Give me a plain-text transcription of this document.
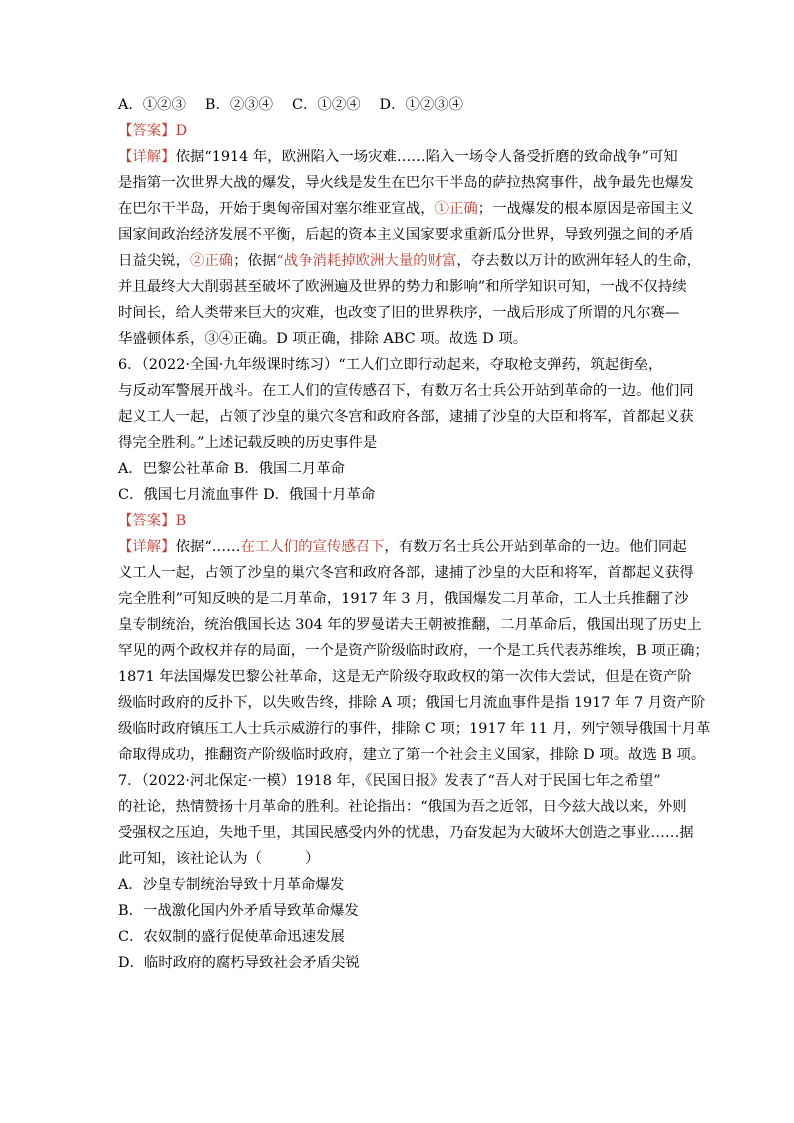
A．①②③　 B．②③④　 C．①②④　 D．①②③④
【答案】D
【详解】依据“1914 年，欧洲陷入一场灾难……陷入一场令人备受折磨的致命战争”可知
是指第一次世界大战的爆发，导火线是发生在巴尔干半岛的萨拉热窝事件，战争最先也爆发
在巴尔干半岛，开始于奥匈帝国对塞尔维亚宣战，①正确；一战爆发的根本原因是帝国主义
国家间政治经济发展不平衡，后起的资本主义国家要求重新瓜分世界，导致列强之间的矛盾
日益尖锐，②正确；依据“战争消耗掉欧洲大量的财富，夺去数以万计的欧洲年轻人的生命，
并且最终大大削弱甚至破坏了欧洲遍及世界的势力和影响”和所学知识可知，一战不仅持续
时间长，给人类带来巨大的灾难，也改变了旧的世界秩序，一战后形成了所谓的凡尔赛—
华盛顿体系，③④正确。D 项正确，排除 ABC 项。故选 D 项。
6．（2022·全国·九年级课时练习）“工人们立即行动起来，夺取枪支弹药，筑起街垒，
与反动军警展开战斗。在工人们的宣传感召下，有数万名士兵公开站到革命的一边。他们同
起义工人一起，占领了沙皇的巢穴冬宫和政府各部，逮捕了沙皇的大臣和将军，首都起义获
得完全胜利。”上述记载反映的历史事件是
A．巴黎公社革命 B．俄国二月革命
C．俄国七月流血事件 D．俄国十月革命
【答案】B
【详解】依据“……在工人们的宣传感召下，有数万名士兵公开站到革命的一边。他们同起
义工人一起，占领了沙皇的巢穴冬宫和政府各部，逮捕了沙皇的大臣和将军，首都起义获得
完全胜利”可知反映的是二月革命，1917 年 3 月，俄国爆发二月革命，工人士兵推翻了沙
皇专制统治，统治俄国长达 304 年的罗曼诺夫王朝被推翻，二月革命后，俄国出现了历史上
罕见的两个政权并存的局面，一个是资产阶级临时政府，一个是工兵代表苏维埃，B 项正确；
1871 年法国爆发巴黎公社革命，这是无产阶级夺取政权的第一次伟大尝试，但是在资产阶
级临时政府的反扑下，以失败告终，排除 A 项；俄国七月流血事件是指 1917 年 7 月资产阶
级临时政府镇压工人士兵示威游行的事件，排除 C 项；1917 年 11 月，列宁领导俄国十月革
命取得成功，推翻资产阶级临时政府，建立了第一个社会主义国家，排除 D 项。故选 B 项。
7．（2022·河北保定·一模）1918 年，《民国日报》发表了“吾人对于民国七年之希望”
的社论，热情赞扬十月革命的胜利。社论指出：“俄国为吾之近邻，日今兹大战以来，外则
受强权之压迫，失地千里，其国民感受内外的忧患，乃奋发起为大破坏大创造之事业……据
此可知，该社论认为（　　　）
A．沙皇专制统治导致十月革命爆发
B．一战激化国内外矛盾导致革命爆发
C．农奴制的盛行促使革命迅速发展
D．临时政府的腐朽导致社会矛盾尖锐
